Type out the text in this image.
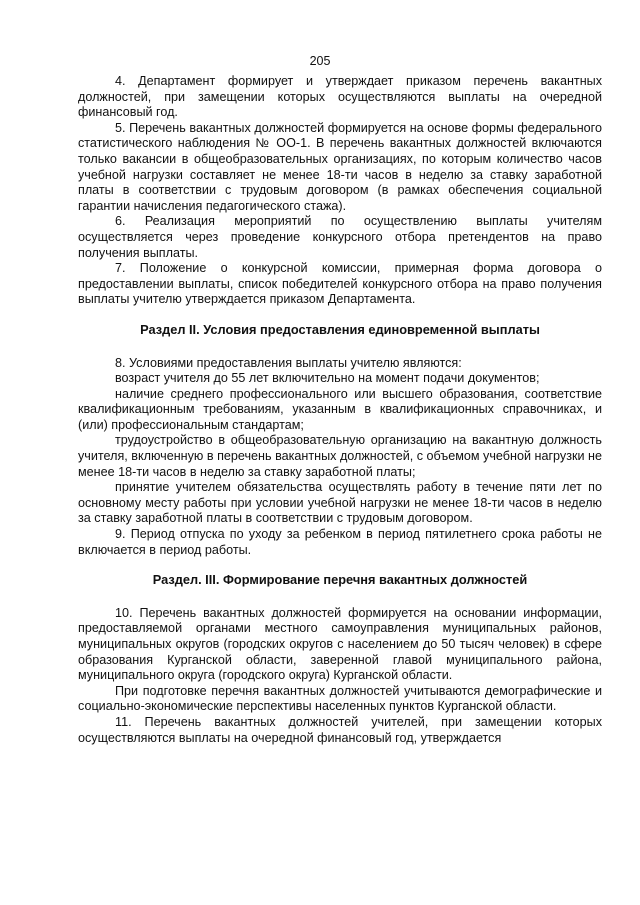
205

4. Департамент формирует и утверждает приказом перечень вакантных должностей, при замещении которых осуществляются выплаты на очередной финансовый год.

5. Перечень вакантных должностей формируется на основе формы федерального статистического наблюдения № ОО-1. В перечень вакантных должностей включаются только вакансии в общеобразовательных организациях, по которым количество часов учебной нагрузки составляет не менее 18-ти часов в неделю за ставку заработной платы в соответствии с трудовым договором (в рамках обеспечения социальной гарантии начисления педагогического стажа).

6. Реализация мероприятий по осуществлению выплаты учителям осуществляется через проведение конкурсного отбора претендентов на право получения выплаты.

7. Положение о конкурсной комиссии, примерная форма договора о предоставлении выплаты, список победителей конкурсного отбора на право получения выплаты учителю утверждается приказом Департамента.

Раздел II. Условия предоставления единовременной выплаты

8. Условиями предоставления выплаты учителю являются:

возраст учителя до 55 лет включительно на момент подачи документов;

наличие среднего профессионального или высшего образования, соответствие квалификационным требованиям, указанным в квалификационных справочниках, и (или) профессиональным стандартам;

трудоустройство в общеобразовательную организацию на вакантную должность учителя, включенную в перечень вакантных должностей, с объемом учебной нагрузки не менее 18-ти часов в неделю за ставку заработной платы;

принятие учителем обязательства осуществлять работу в течение пяти лет по основному месту работы при условии учебной нагрузки не менее 18-ти часов в неделю за ставку заработной платы в соответствии с трудовым договором.

9. Период отпуска по уходу за ребенком в период пятилетнего срока работы не включается в период работы.

Раздел. III. Формирование перечня вакантных должностей

10. Перечень вакантных должностей формируется на основании информации, предоставляемой органами местного самоуправления муниципальных районов, муниципальных округов (городских округов с населением до 50 тысяч человек) в сфере образования Курганской области, заверенной главой муниципального района, муниципального округа (городского округа) Курганской области.

При подготовке перечня вакантных должностей учитываются демографические и социально-экономические перспективы населенных пунктов Курганской области.

11. Перечень вакантных должностей учителей, при замещении которых осуществляются выплаты на очередной финансовый год, утверждается
